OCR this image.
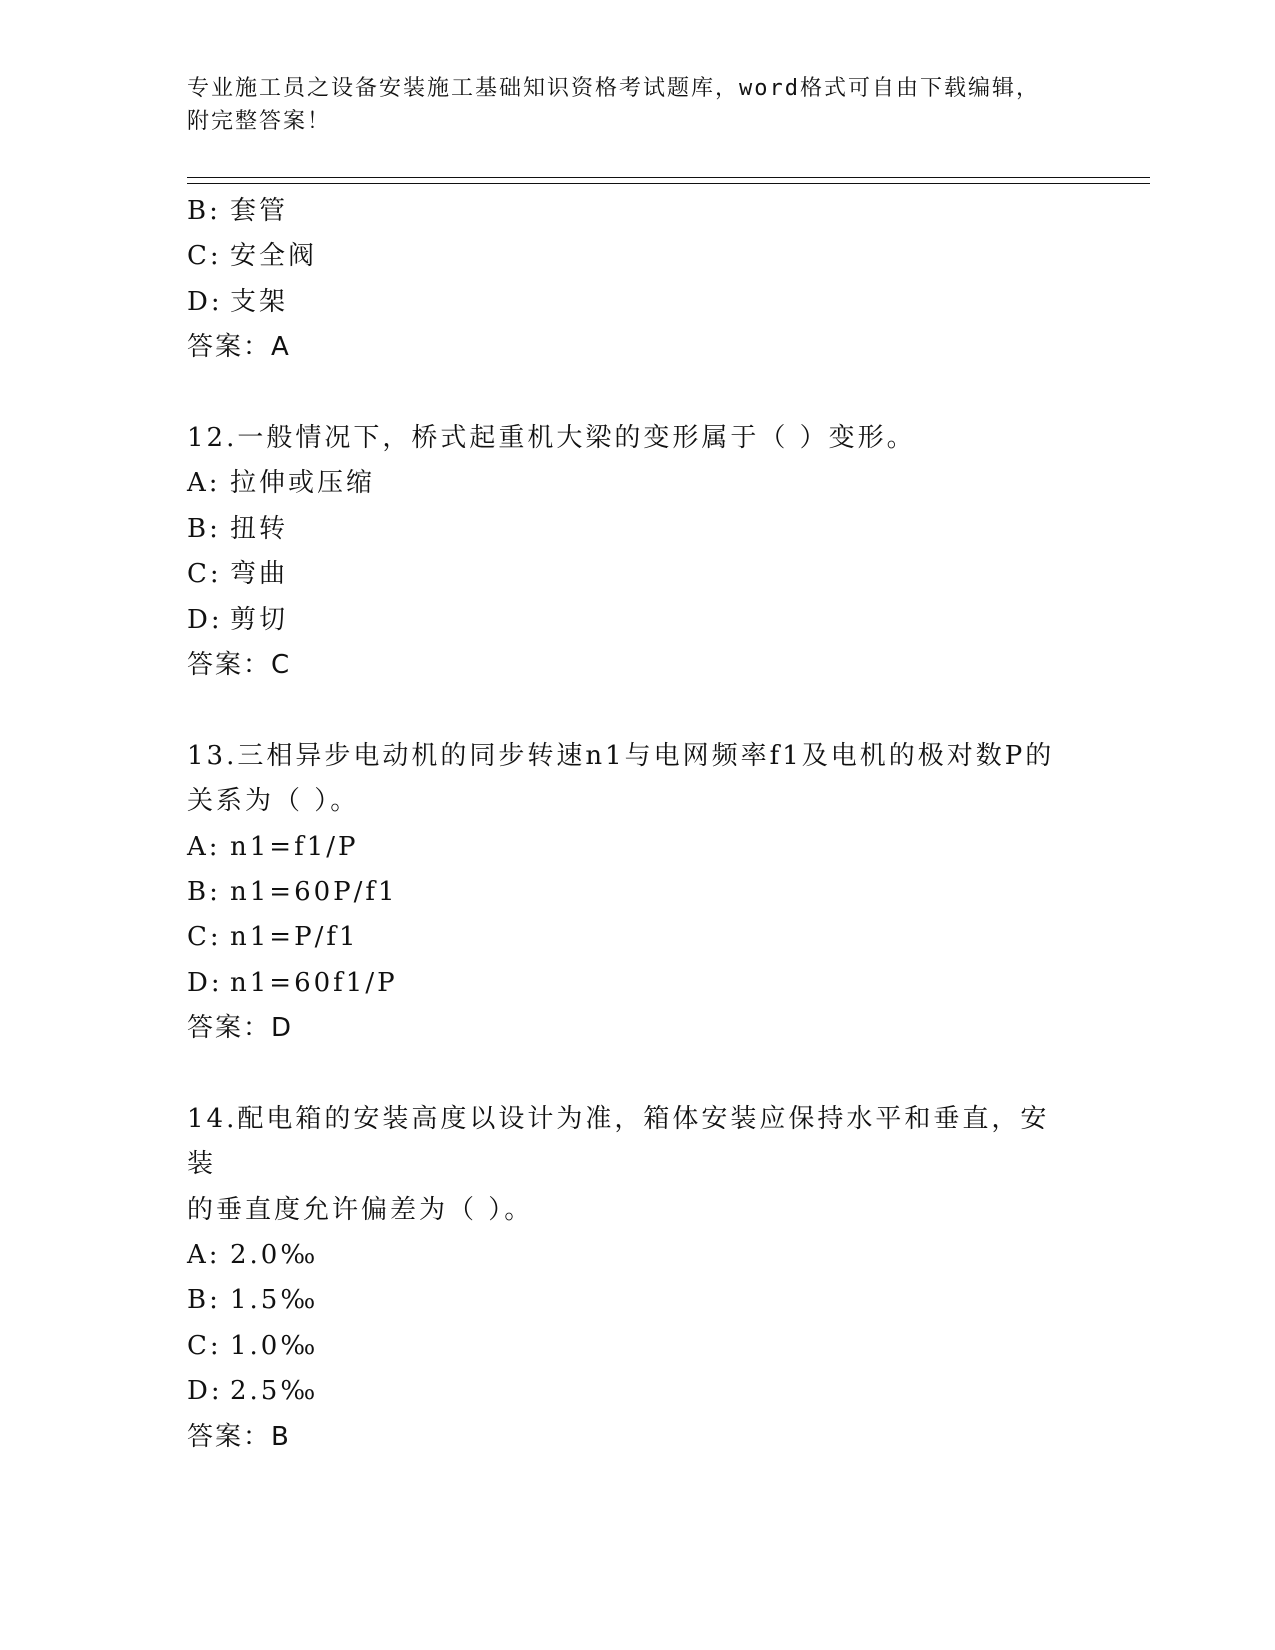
专业施工员之设备安装施工基础知识资格考试题库，word格式可自由下载编辑，
附完整答案！
B: 套管
C: 安全阀
D: 支架
答案：A
12.一般情况下，桥式起重机大梁的变形属于（ ）变形。
A: 拉伸或压缩
B: 扭转
C: 弯曲
D: 剪切
答案：C
13.三相异步电动机的同步转速n1与电网频率f1及电机的极对数P的
关系为（ ）。
A: n1=f1/P
B: n1=60P/f1
C: n1=P/f1
D: n1=60f1/P
答案：D
14.配电箱的安装高度以设计为准，箱体安装应保持水平和垂直，安装
的垂直度允许偏差为（ ）。
A: 2.0‰
B: 1.5‰
C: 1.0‰
D: 2.5‰
答案：B
